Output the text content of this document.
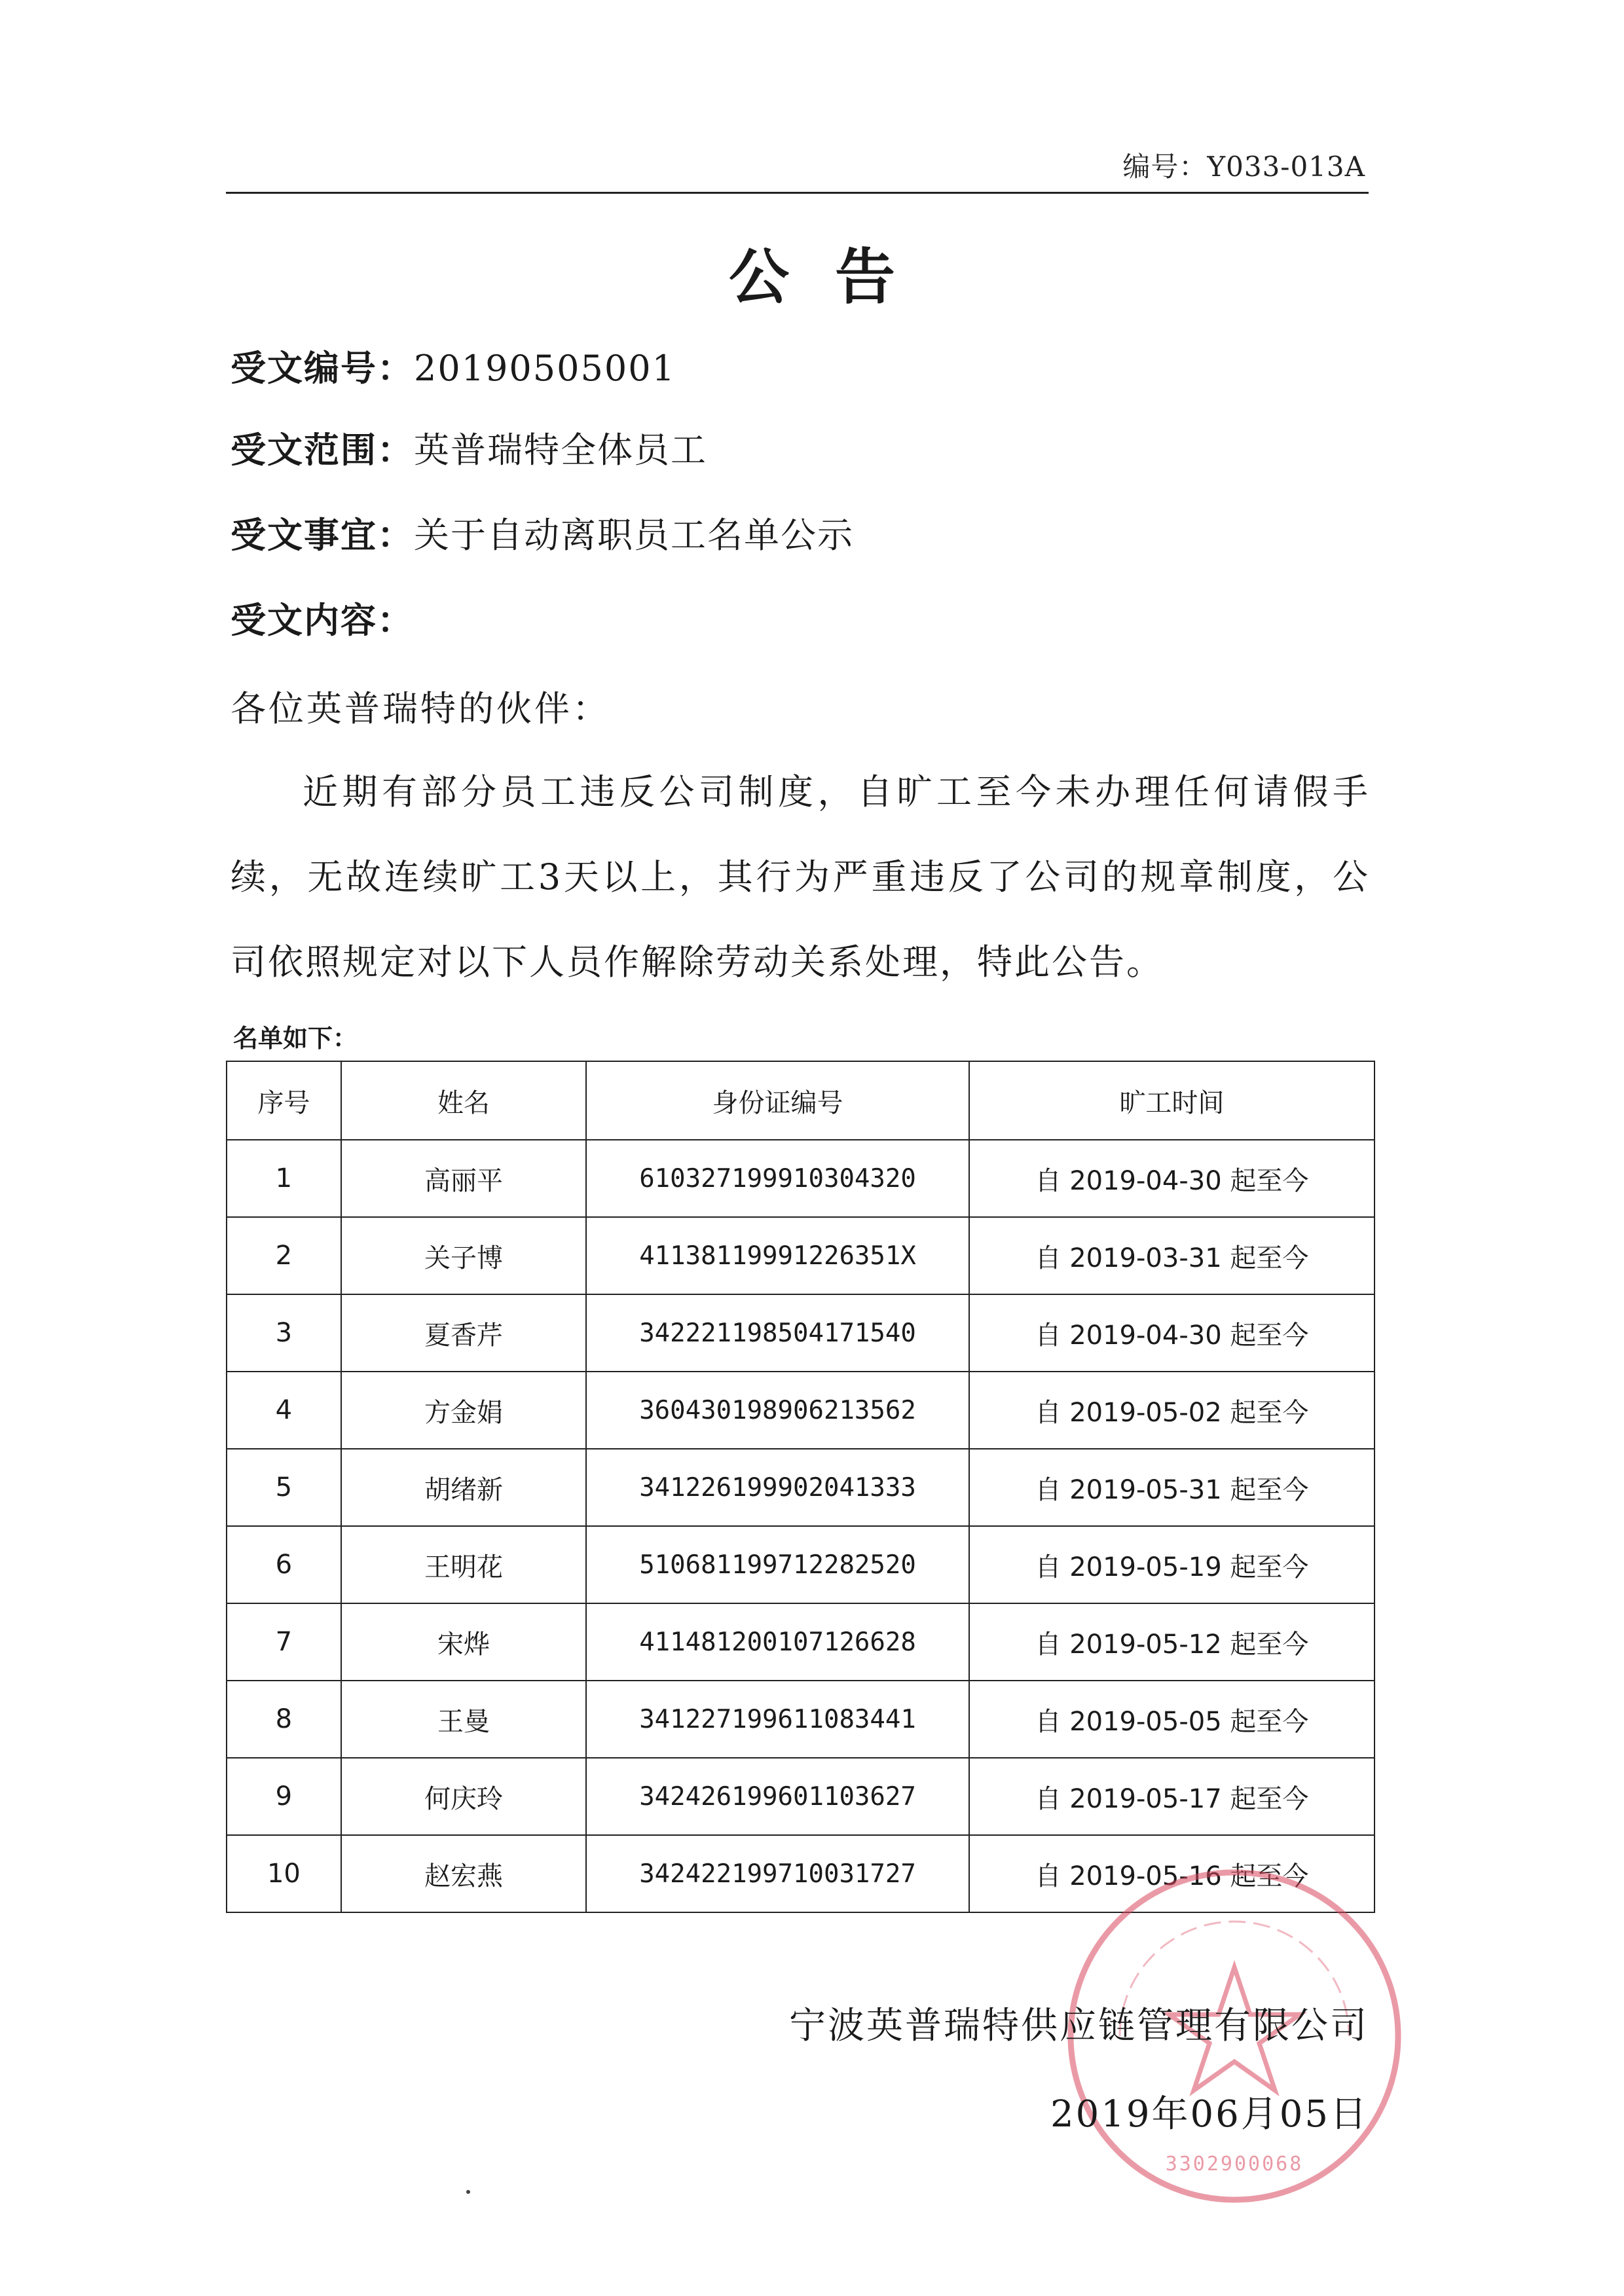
编号：Y033-013A
公告
受文编号：20190505001
受文范围：英普瑞特全体员工
受文事宜：关于自动离职员工名单公示
受文内容：
各位英普瑞特的伙伴：
近期有部分员工违反公司制度，自旷工至今未办理任何请假手续，无故连续旷工3天以上，其行为严重违反了公司的规章制度，公司依照规定对以下人员作解除劳动关系处理，特此公告。
名单如下：
序号	姓名	身份证编号	旷工时间
1	高丽平	610327199910304320	自 2019-04-30 起至今
2	关子博	41138119991226351X	自 2019-03-31 起至今
3	夏香芹	342221198504171540	自 2019-04-30 起至今
4	方金娟	360430198906213562	自 2019-05-02 起至今
5	胡绪新	341226199902041333	自 2019-05-31 起至今
6	王明花	510681199712282520	自 2019-05-19 起至今
7	宋烨	411481200107126628	自 2019-05-12 起至今
8	王曼	341227199611083441	自 2019-05-05 起至今
9	何庆玲	342426199601103627	自 2019-05-17 起至今
10	赵宏燕	342422199710031727	自 2019-05-16 起至今
3302900068
宁波英普瑞特供应链管理有限公司
2019年06月05日
